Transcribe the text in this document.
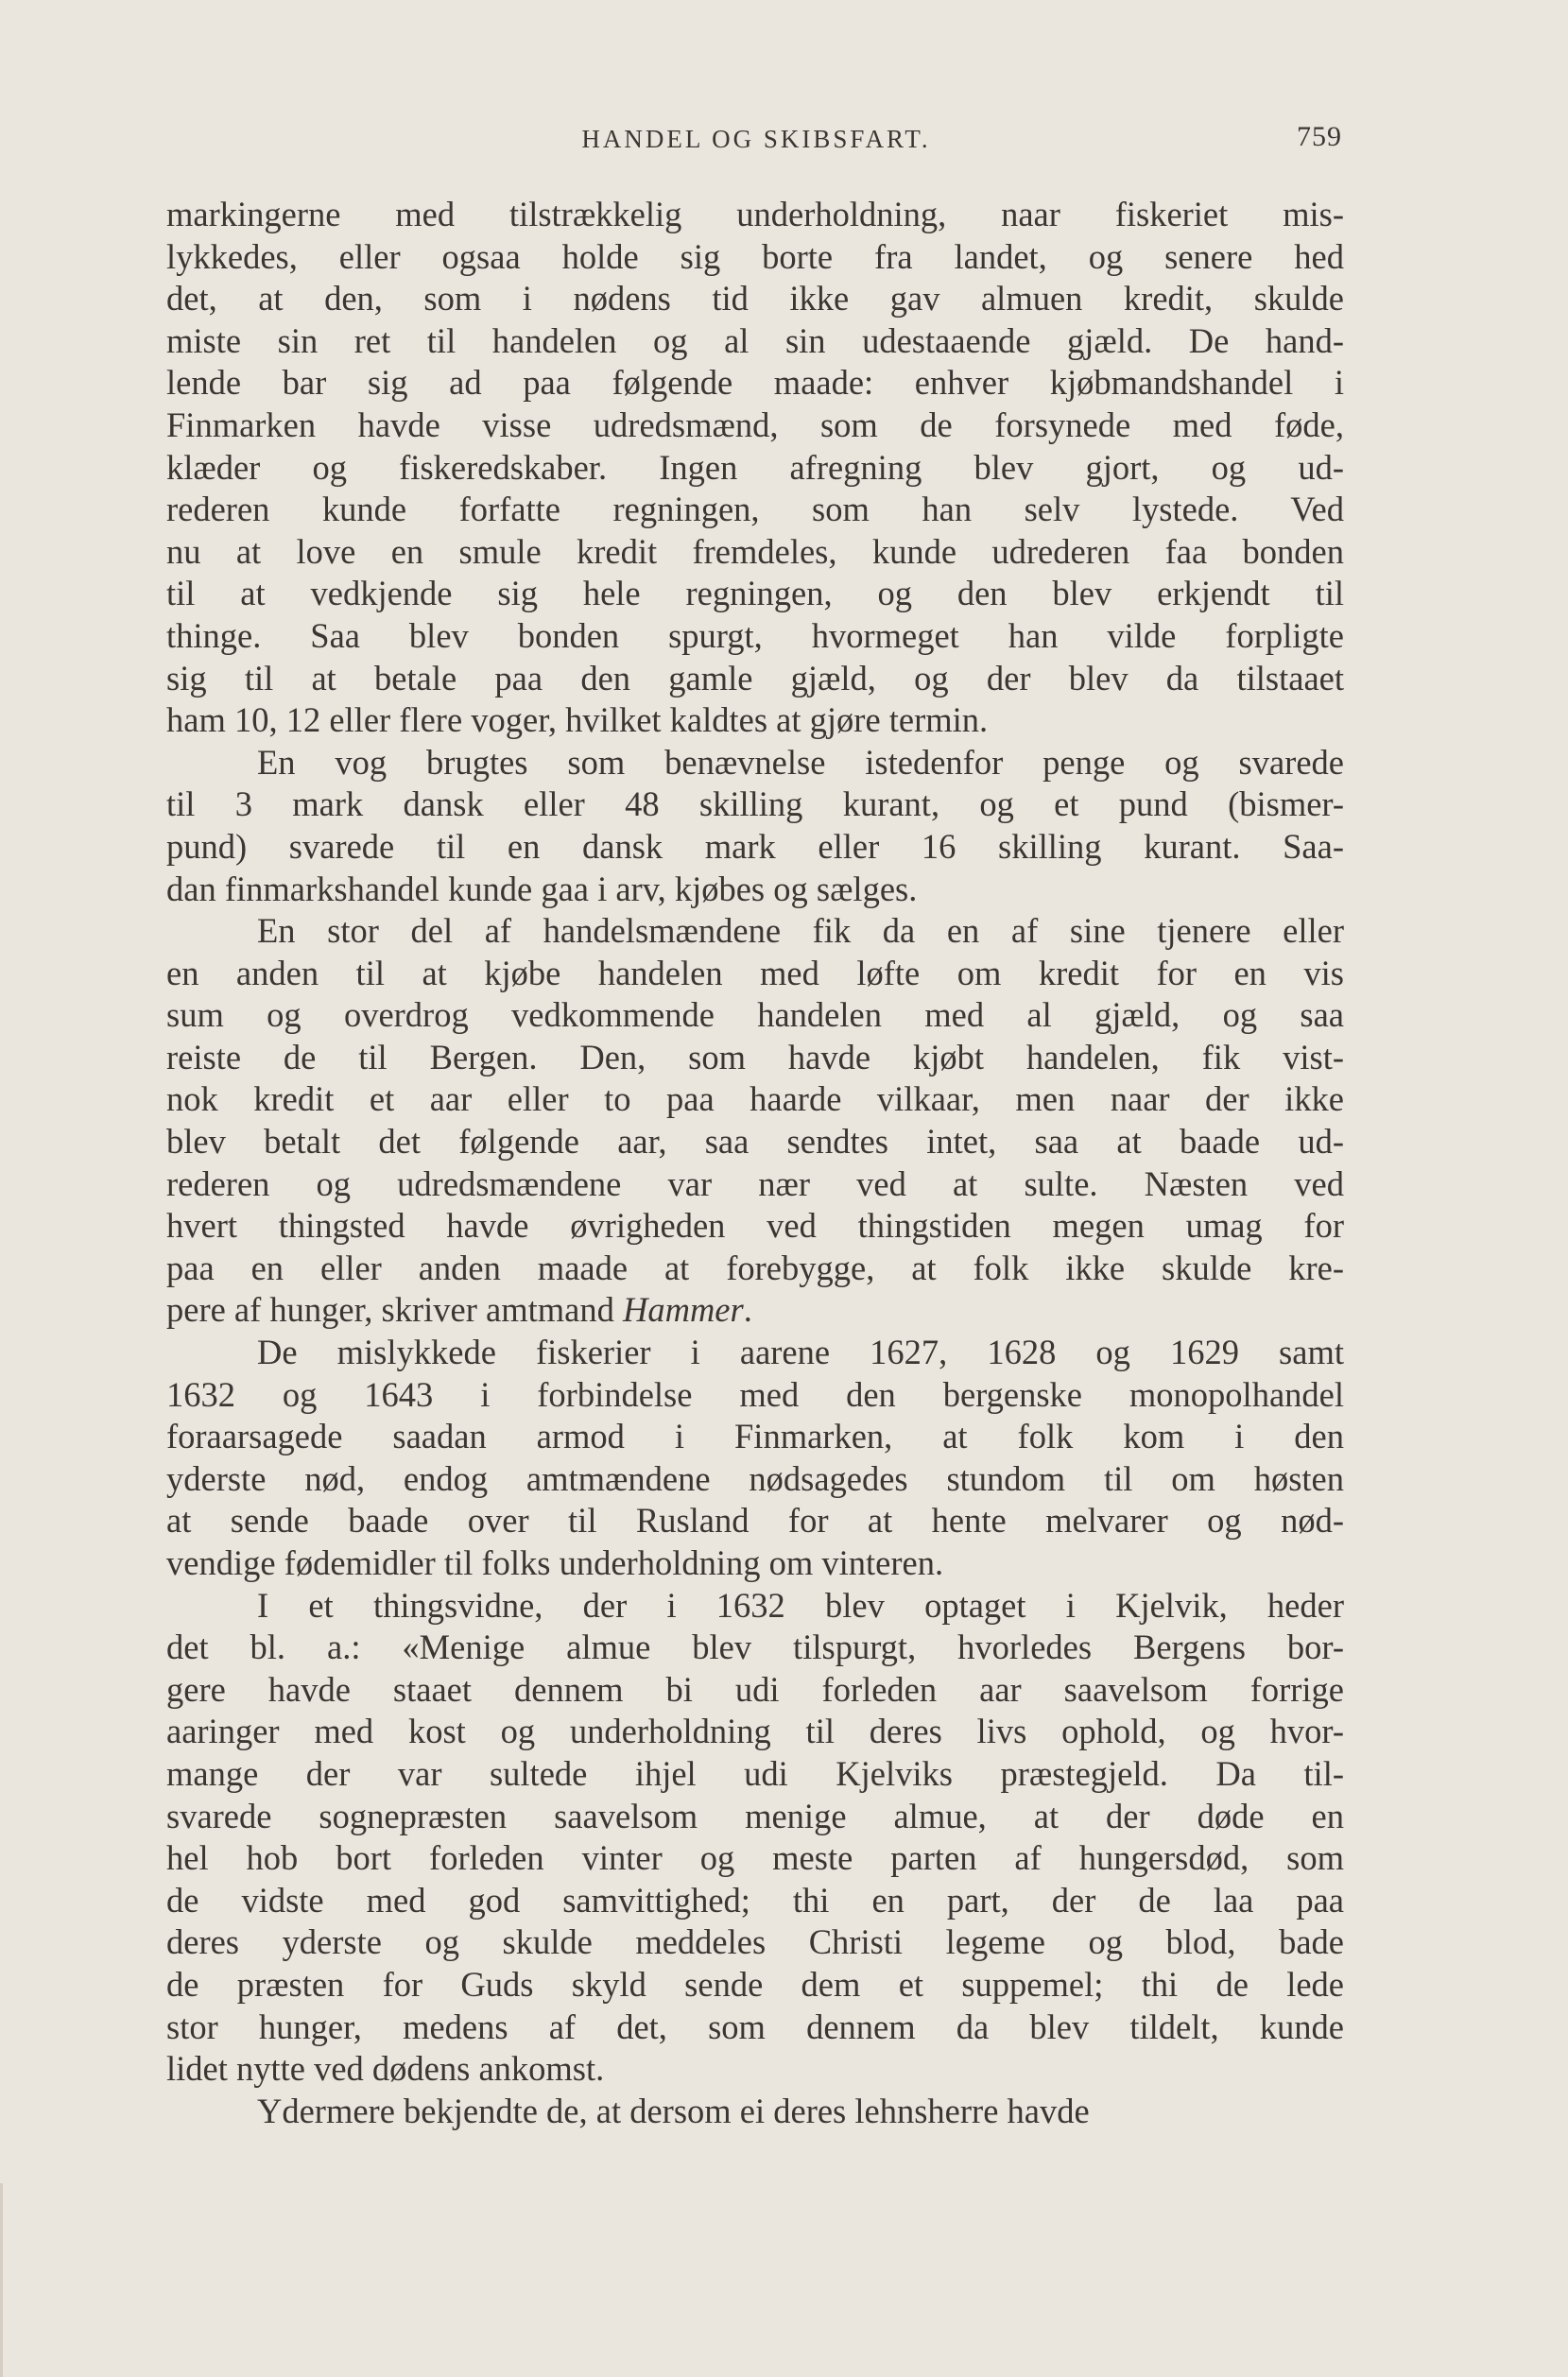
HANDEL OG SKIBSFART.	759
markingerne med tilstrækkelig underholdning, naar fiskeriet mis-
lykkedes, eller ogsaa holde sig borte fra landet, og senere hed
det, at den, som i nødens tid ikke gav almuen kredit, skulde
miste sin ret til handelen og al sin udestaaende gjæld. De hand-
lende bar sig ad paa følgende maade: enhver kjøbmandshandel i
Finmarken havde visse udredsmænd, som de forsynede med føde,
klæder og fiskeredskaber. Ingen afregning blev gjort, og ud-
rederen kunde forfatte regningen, som han selv lystede. Ved
nu at love en smule kredit fremdeles, kunde udrederen faa bonden
til at vedkjende sig hele regningen, og den blev erkjendt til
thinge. Saa blev bonden spurgt, hvormeget han vilde forpligte
sig til at betale paa den gamle gjæld, og der blev da tilstaaet
ham 10, 12 eller flere voger, hvilket kaldtes at gjøre termin.
En vog brugtes som benævnelse istedenfor penge og svarede
til 3 mark dansk eller 48 skilling kurant, og et pund (bismer-
pund) svarede til en dansk mark eller 16 skilling kurant. Saa-
dan finmarkshandel kunde gaa i arv, kjøbes og sælges.
En stor del af handelsmændene fik da en af sine tjenere eller
en anden til at kjøbe handelen med løfte om kredit for en vis
sum og overdrog vedkommende handelen med al gjæld, og saa
reiste de til Bergen. Den, som havde kjøbt handelen, fik vist-
nok kredit et aar eller to paa haarde vilkaar, men naar der ikke
blev betalt det følgende aar, saa sendtes intet, saa at baade ud-
rederen og udredsmændene var nær ved at sulte. Næsten ved
hvert thingsted havde øvrigheden ved thingstiden megen umag for
paa en eller anden maade at forebygge, at folk ikke skulde kre-
pere af hunger, skriver amtmand Hammer.
De mislykkede fiskerier i aarene 1627, 1628 og 1629 samt
1632 og 1643 i forbindelse med den bergenske monopolhandel
foraarsagede saadan armod i Finmarken, at folk kom i den
yderste nød, endog amtmændene nødsagedes stundom til om høsten
at sende baade over til Rusland for at hente melvarer og nød-
vendige fødemidler til folks underholdning om vinteren.
I et thingsvidne, der i 1632 blev optaget i Kjelvik, heder
det bl. a.: «Menige almue blev tilspurgt, hvorledes Bergens bor-
gere havde staaet dennem bi udi forleden aar saavelsom forrige
aaringer med kost og underholdning til deres livs ophold, og hvor-
mange der var sultede ihjel udi Kjelviks præstegjeld. Da til-
svarede sognepræsten saavelsom menige almue, at der døde en
hel hob bort forleden vinter og meste parten af hungersdød, som
de vidste med god samvittighed; thi en part, der de laa paa
deres yderste og skulde meddeles Christi legeme og blod, bade
de præsten for Guds skyld sende dem et suppemel; thi de lede
stor hunger, medens af det, som dennem da blev tildelt, kunde
lidet nytte ved dødens ankomst.
Ydermere bekjendte de, at dersom ei deres lehnsherre havde
